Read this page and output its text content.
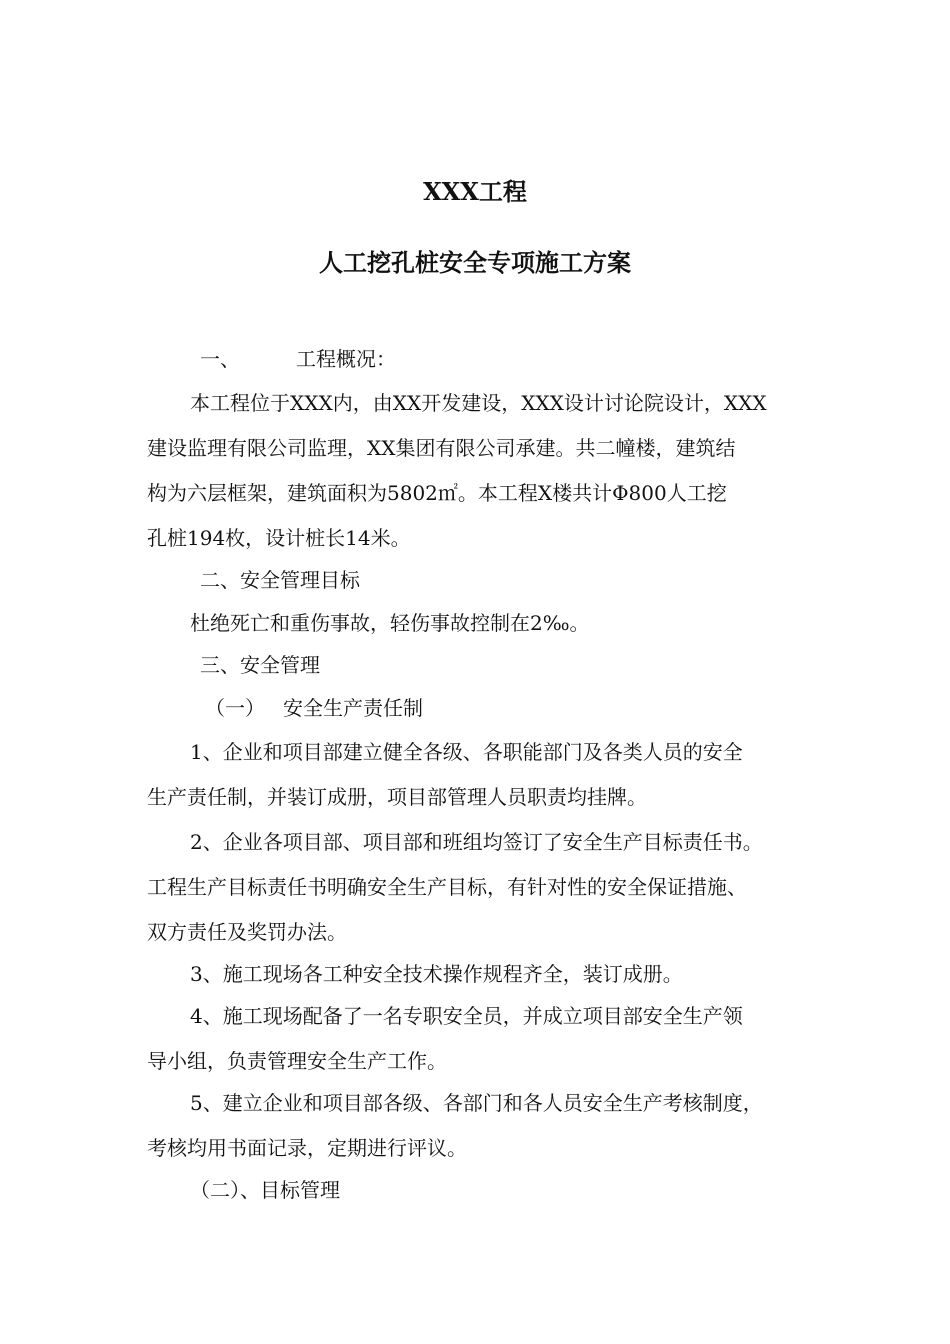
XXX工程
人工挖孔桩安全专项施工方案
一、	工程概况：
本工程位于XXX内，由XX开发建设，XXX设计讨论院设计，XXX
建设监理有限公司监理，XX集团有限公司承建。共二幢楼，建筑结
构为六层框架，建筑面积为5802㎡。本工程X楼共计Φ800人工挖
孔桩194枚，设计桩长14米。
二、安全管理目标
杜绝死亡和重伤事故，轻伤事故控制在2‰。
三、安全管理
（一） 安全生产责任制
1、企业和项目部建立健全各级、各职能部门及各类人员的安全
生产责任制，并装订成册，项目部管理人员职责均挂牌。
2、企业各项目部、项目部和班组均签订了安全生产目标责任书。
工程生产目标责任书明确安全生产目标，有针对性的安全保证措施、
双方责任及奖罚办法。
3、施工现场各工种安全技术操作规程齐全，装订成册。
4、施工现场配备了一名专职安全员，并成立项目部安全生产领
导小组，负责管理安全生产工作。
5、建立企业和项目部各级、各部门和各人员安全生产考核制度，
考核均用书面记录，定期进行评议。
（二）、目标管理
